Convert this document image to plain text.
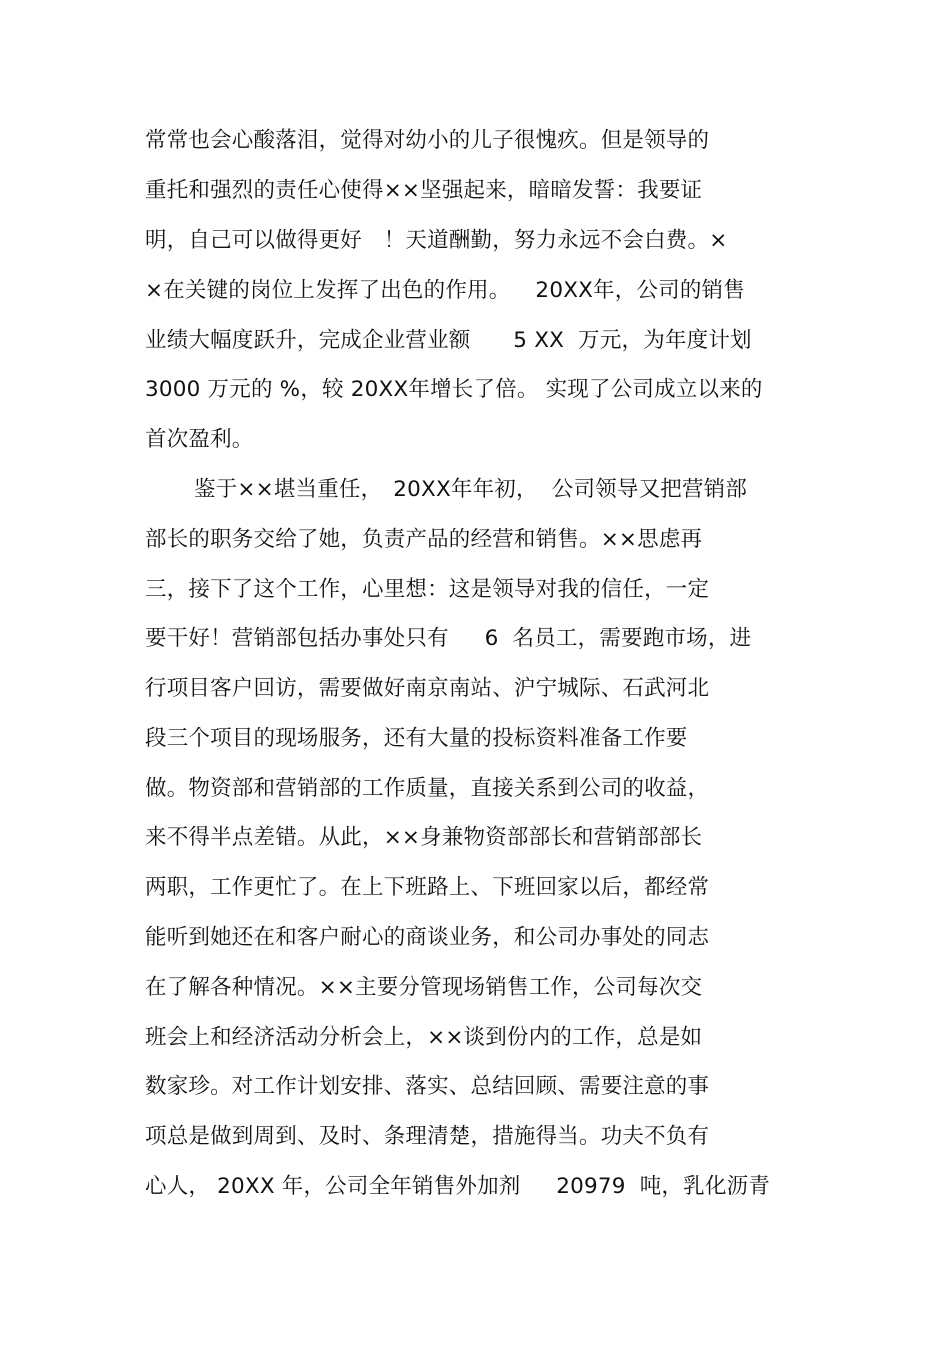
常常也会心酸落泪，觉得对幼小的儿子很愧疚。但是领导的
重托和强烈的责任心使得××坚强起来，暗暗发誓：我要证
明，自己可以做得更好　！天道酬勤，努力永远不会白费。×
×在关键的岗位上发挥了出色的作用。　  20XX年，公司的销售
业绩大幅度跃升，完成企业营业额　   5 XX  万元，为年度计划
3000 万元的 %，较 20XX年增长了倍。 实现了公司成立以来的
首次盈利。
鉴于××堪当重任，　20XX年年初，  公司领导又把营销部
部长的职务交给了她，负责产品的经营和销售。××思虑再
三，接下了这个工作，心里想：这是领导对我的信任，一定
要干好！营销部包括办事处只有　  6  名员工，需要跑市场，进
行项目客户回访，需要做好南京南站、沪宁城际、石武河北
段三个项目的现场服务，还有大量的投标资料准备工作要
做。物资部和营销部的工作质量，直接关系到公司的收益，
来不得半点差错。从此，××身兼物资部部长和营销部部长
两职，工作更忙了。在上下班路上、下班回家以后，都经常
能听到她还在和客户耐心的商谈业务，和公司办事处的同志
在了解各种情况。××主要分管现场销售工作，公司每次交
班会上和经济活动分析会上，××谈到份内的工作，总是如
数家珍。对工作计划安排、落实、总结回顾、需要注意的事
项总是做到周到、及时、条理清楚，措施得当。功夫不负有
心人， 20XX 年，公司全年销售外加剂　  20979  吨，乳化沥青
